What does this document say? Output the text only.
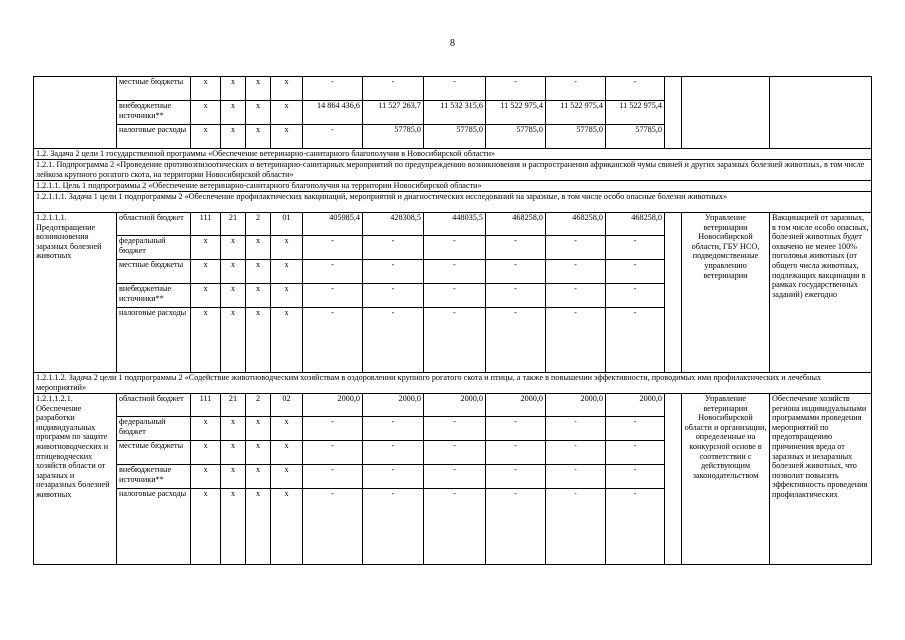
8
	местные бюджеты	x	x	x	x	-	-	-	-	-	-			
	внебюджетные источники**	x	x	x	x	14 864 436,6	11 527 263,7	11 532 315,6	11 522 975,4	11 522 975,4	11 522 975,4			
	налоговые расходы	x	x	x	x	-	57785,0	57785,0	57785,0	57785,0	57785,0			
1.2. Задача 2 цели 1 государственной программы «Обеспечение ветеринарно-санитарного благополучия в Новосибирской области»														
1.2.1. Подпрограмма 2 «Проведение противоэпизоотических и ветеринарно-санитарных мероприятий по предупреждению возникновения и распространения африканской чумы свиней и других заразных болезней животных, в том числе лейкоза крупного рогатого скота, на территории Новосибирской области»														
1.2.1.1. Цель 1 подпрограммы 2 «Обеспечение ветеринарно-санитарного благополучия на территории Новосибирской области»														
1.2.1.1.1. Задача 1 цели 1 подпрограммы 2 «Обеспечение профилактических вакцинаций, мероприятий и диагностических исследований на заразные, в том числе особо опасные болезни животных»														
1.2.1.1.1. Предотвращение возникновения заразных болезней животных	областной бюджет	111	21	2	01	405985,4	428308,5	448035,5	468258,0	468258,0	468258,0		Управление ветеринарии Новосибирской области, ГБУ НСО, подведомственные управлению ветеринарии	Вакцинацией от заразных, в том числе особо опасных, болезней животных будет охвачено не менее 100% поголовья животных (от общего числа животных, подлежащих вакцинации в рамках государственных заданий) ежегодно
	федеральный бюджет	x	x	x	x	-	-	-	-	-	-			
	местные бюджеты	x	x	x	x	-	-	-	-	-	-			
	внебюджетные источники**	x	x	x	x	-	-	-	-	-	-			
	налоговые расходы	x	x	x	x	-	-	-	-	-	-			
1.2.1.1.2. Задача 2 цели 1 подпрограммы 2 «Содействие животноводческим хозяйствам в оздоровлении крупного рогатого скота и птицы, а также в повышении эффективности, проводимых ими профилактических и лечебных мероприятий»														
1.2.1.1.2.1. Обеспечение разработки индивидуальных программ по защите животноводческих и птицеводческих хозяйств области от заразных и незаразных болезней животных	областной бюджет	111	21	2	02	2000,0	2000,0	2000,0	2000,0	2000,0	2000,0		Управление ветеринарии Новосибирской области и организации, определенные на конкурсной основе в соответствии с действующим законодательством	Обеспечение хозяйств региона индивидуальными программами проведения мероприятий по предотвращению причинения вреда от заразных и незаразных болезней животных, что позволит повысить эффективность проведения профилактических
	федеральный бюджет	x	x	x	x	-	-	-	-	-	-			
	местные бюджеты	x	x	x	x	-	-	-	-	-	-			
	внебюджетные источники**	x	x	x	x	-	-	-	-	-	-			
	налоговые расходы	x	x	x	x	-	-	-	-	-	-			
